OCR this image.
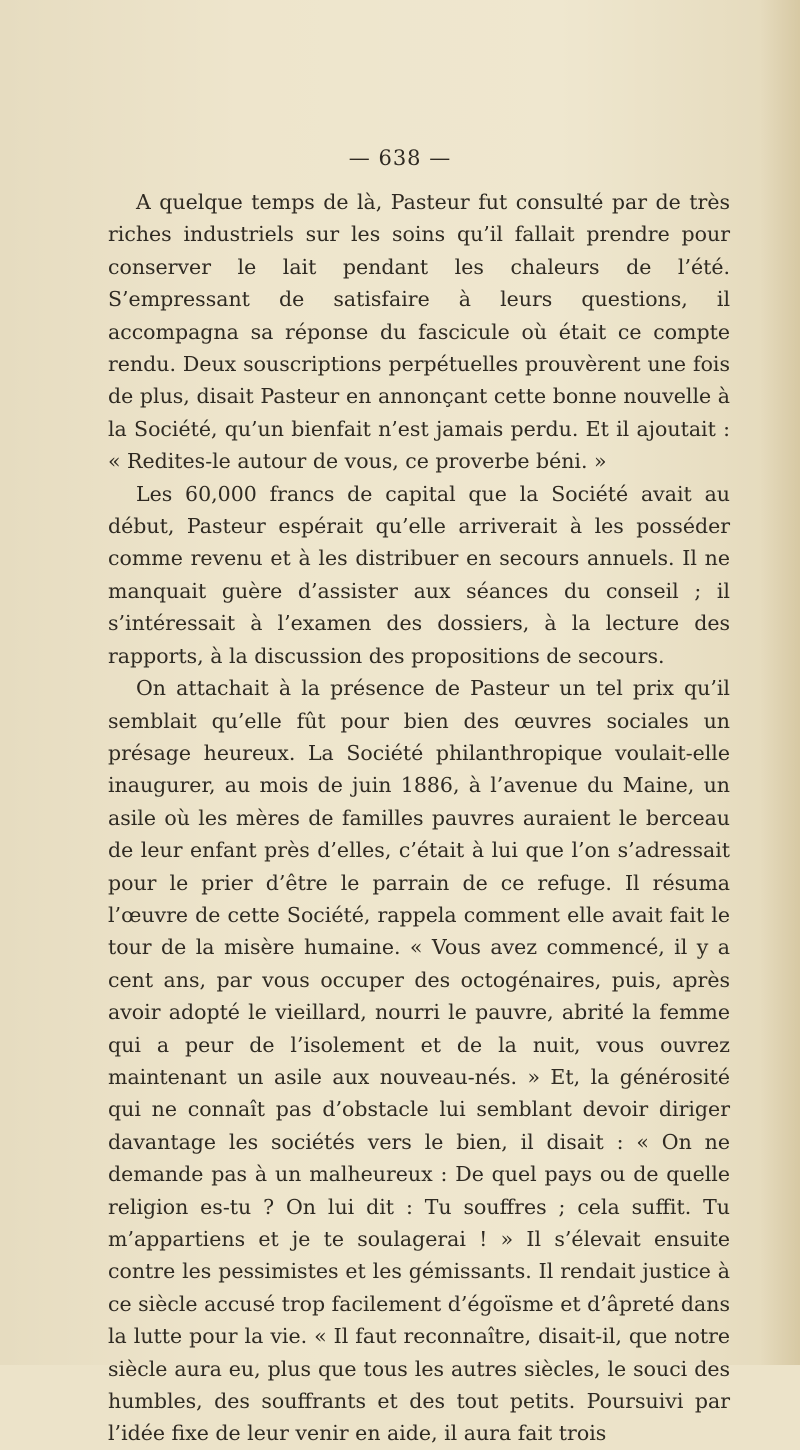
— 638 —

A quelque temps de là, Pasteur fut consulté par de très riches industriels sur les soins qu’il fallait prendre pour conserver le lait pendant les chaleurs de l’été. S’empressant de satisfaire à leurs questions, il accompagna sa réponse du fascicule où était ce compte rendu. Deux souscriptions perpétuelles prouvèrent une fois de plus, disait Pasteur en annonçant cette bonne nouvelle à la Société, qu’un bienfait n’est jamais perdu. Et il ajoutait : « Redites-le autour de vous, ce proverbe béni. »

Les 60,000 francs de capital que la Société avait au début, Pasteur espérait qu’elle arriverait à les posséder comme revenu et à les distribuer en secours annuels. Il ne manquait guère d’assister aux séances du conseil ; il s’intéressait à l’examen des dossiers, à la lecture des rapports, à la discussion des propositions de secours.

On attachait à la présence de Pasteur un tel prix qu’il semblait qu’elle fût pour bien des œuvres sociales un présage heureux. La Société philanthropique voulait-elle inaugurer, au mois de juin 1886, à l’avenue du Maine, un asile où les mères de familles pauvres auraient le berceau de leur enfant près d’elles, c’était à lui que l’on s’adressait pour le prier d’être le parrain de ce refuge. Il résuma l’œuvre de cette Société, rappela comment elle avait fait le tour de la misère humaine. « Vous avez commencé, il y a cent ans, par vous occuper des octogénaires, puis, après avoir adopté le vieillard, nourri le pauvre, abrité la femme qui a peur de l’isolement et de la nuit, vous ouvrez maintenant un asile aux nouveau-nés. » Et, la générosité qui ne connaît pas d’obstacle lui semblant devoir diriger davantage les sociétés vers le bien, il disait : « On ne demande pas à un malheureux : De quel pays ou de quelle religion es-tu ? On lui dit : Tu souffres ; cela suffit. Tu m’appartiens et je te soulagerai ! » Il s’élevait ensuite contre les pessimistes et les gémissants. Il rendait justice à ce siècle accusé trop facilement d’égoïsme et d’âpreté dans la lutte pour la vie. « Il faut reconnaître, disait-il, que notre siècle aura eu, plus que tous les autres siècles, le souci des humbles, des souffrants et des tout petits. Poursuivi par l’idée fixe de leur venir en aide, il aura fait trois
